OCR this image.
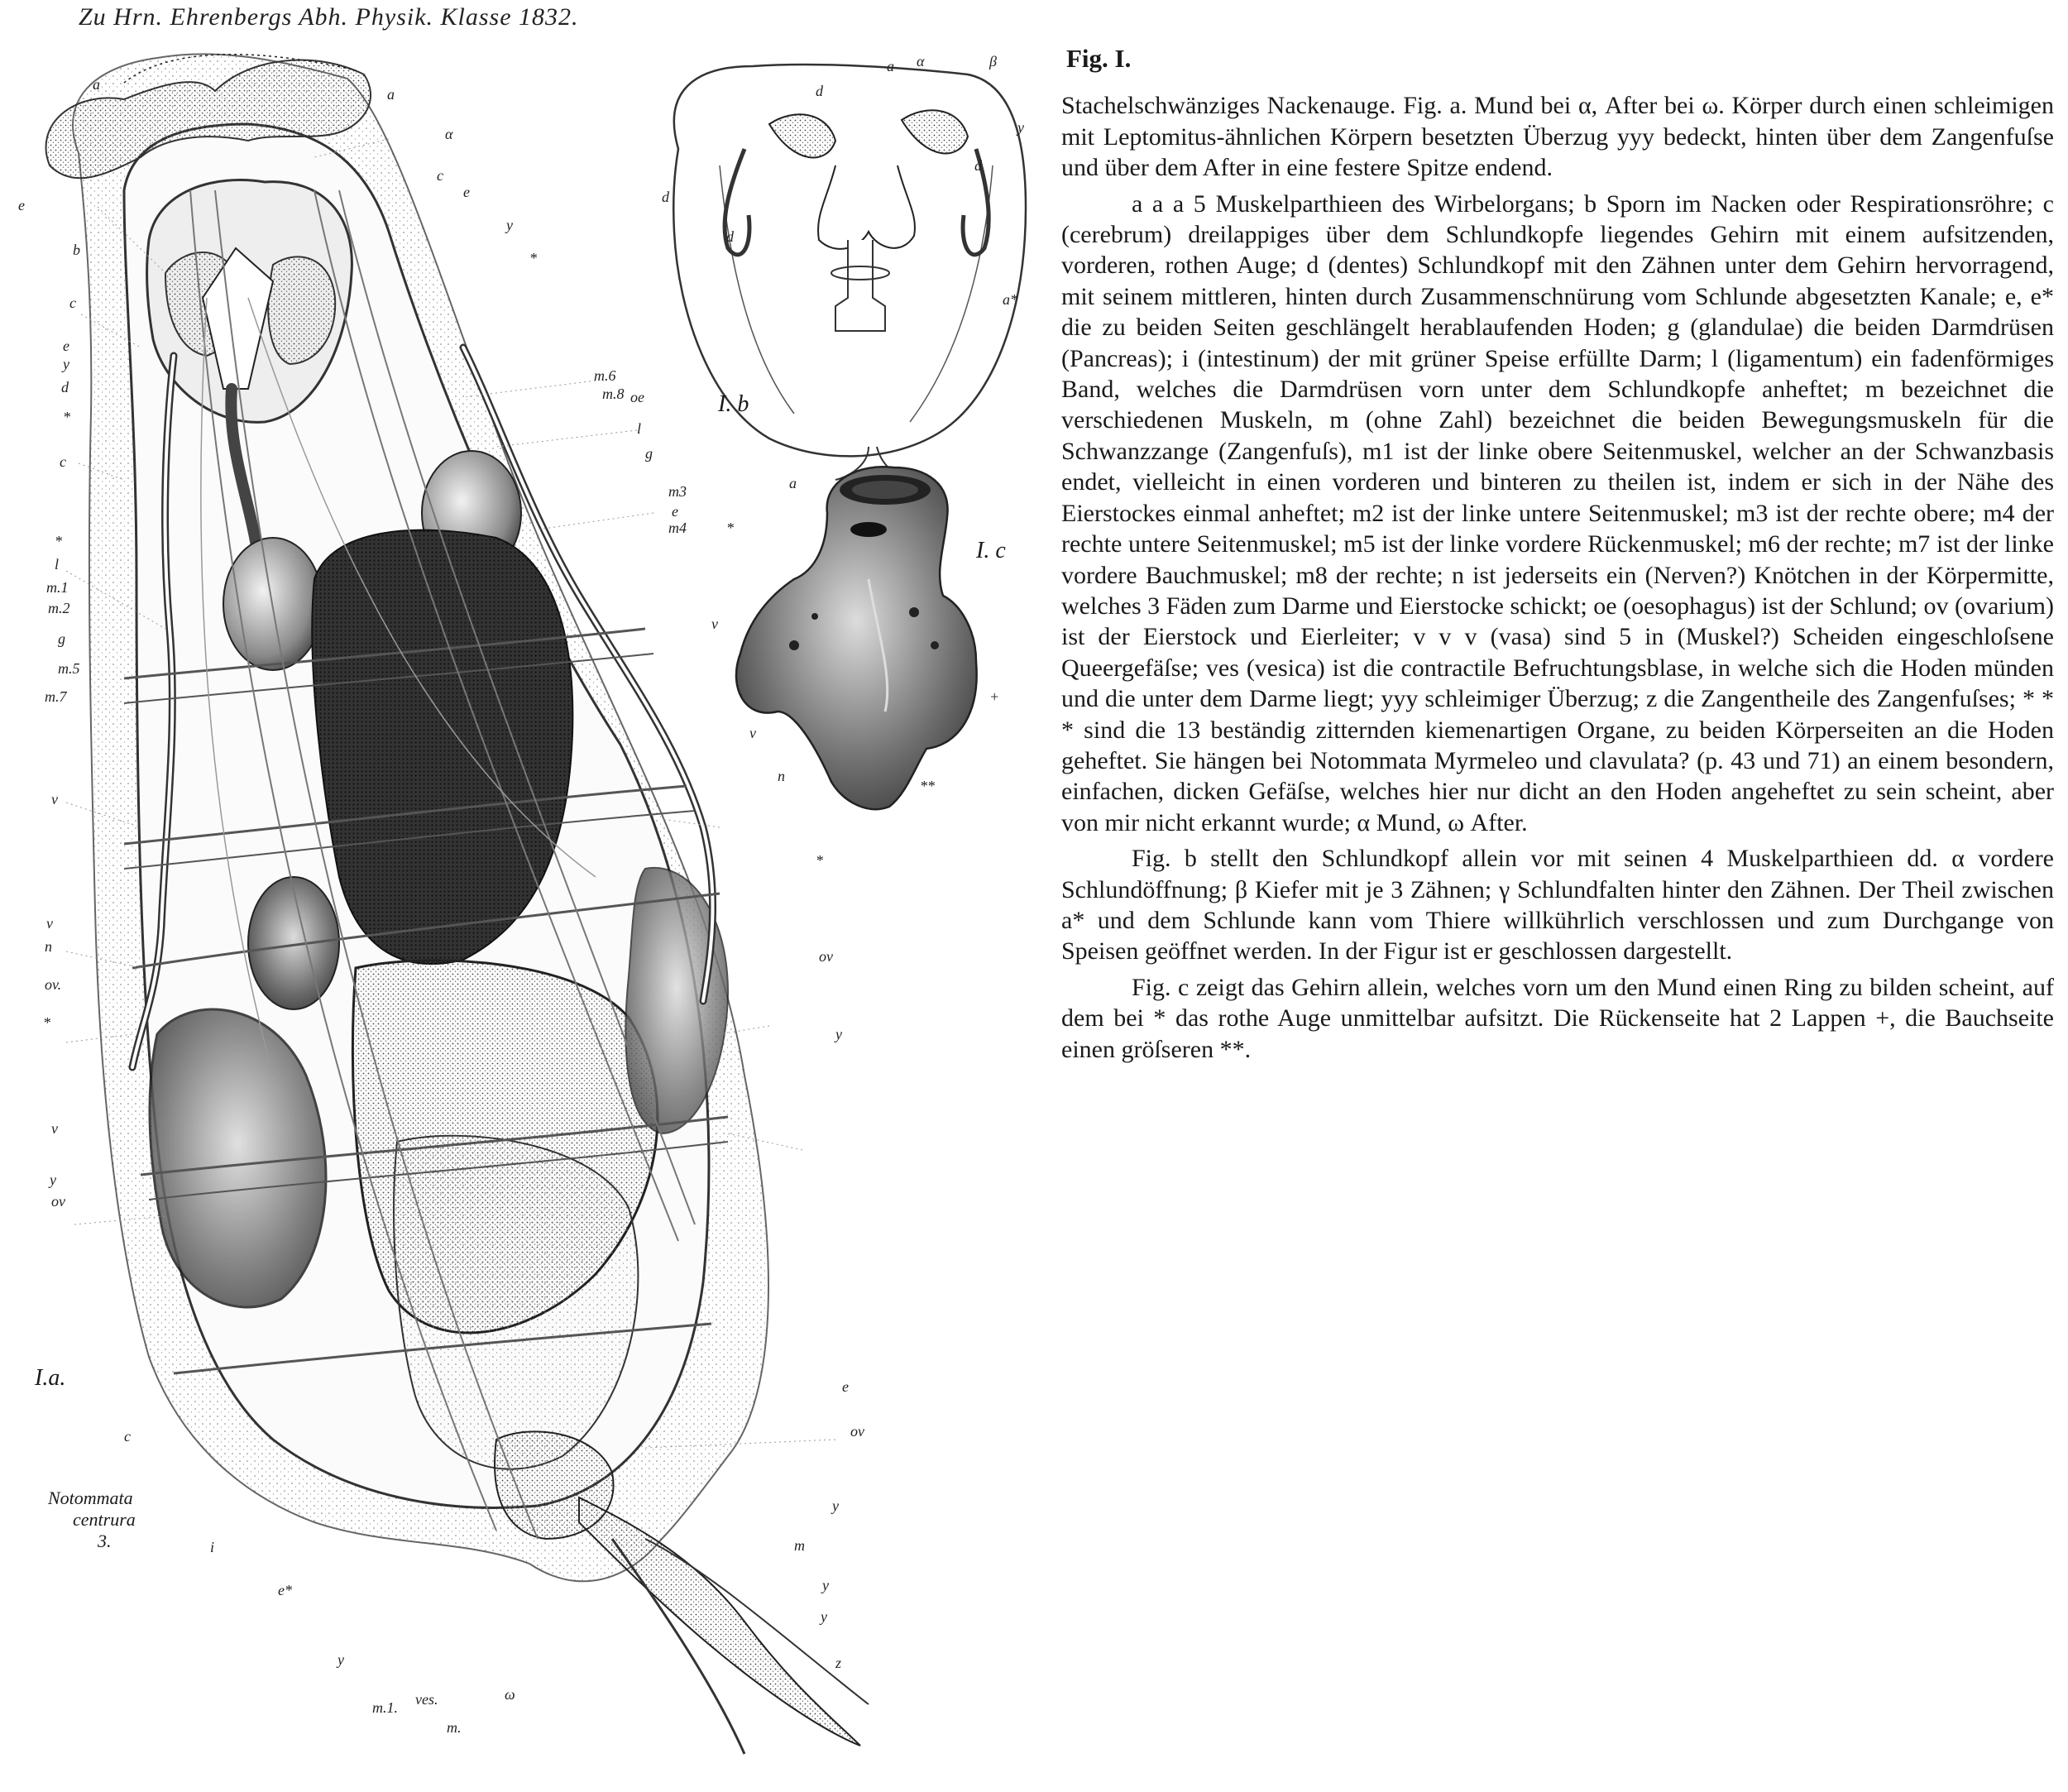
Zu Hrn. Ehrenbergs Abh. Physik. Klasse 1832.
I.a.
I. b
I. c
Notommata
centrura
3.
a
a
α
e
b
c
e
y
d
*
c
*
l
m.1
m.2
g
m.5
m.7
v
v
n
ov.
*
v
y
ov
c
c
e
y
*
m.6
m.8 oe
l
g
m3
e
m4
v
v
n
*
ov
y
e
ov
y
m
y
y
z
i
e*
y
m.1. ves.	ω
m.
a α	β
y
d
d
d
d
a*
a
*
+
**
Fig. I.

Stachelschwänziges Nackenauge. Fig. a. Mund bei α, After bei ω. Körper durch einen schleimigen mit Leptomitus-ähnlichen Körpern besetzten Überzug yyy bedeckt, hinten über dem Zangenfuſse und über dem After in eine festere Spitze endend.

a a a 5 Muskelparthieen des Wirbelorgans; b Sporn im Nacken oder Respirationsröhre; c (cerebrum) dreilappiges über dem Schlundkopfe liegendes Gehirn mit einem aufsitzenden, vorderen, rothen Auge; d (dentes) Schlundkopf mit den Zähnen unter dem Gehirn hervorragend, mit seinem mittleren, hinten durch Zusammenschnürung vom Schlunde abgesetzten Kanale; e, e* die zu beiden Seiten geschlängelt herablaufenden Hoden; g (glandulae) die beiden Darmdrüsen (Pancreas); i (intestinum) der mit grüner Speise erfüllte Darm; l (ligamentum) ein fadenförmiges Band, welches die Darmdrüsen vorn unter dem Schlundkopfe anheftet; m bezeichnet die verschiedenen Muskeln, m (ohne Zahl) bezeichnet die beiden Bewegungsmuskeln für die Schwanzzange (Zangenfuſs), m1 ist der linke obere Seitenmuskel, welcher an der Schwanzbasis endet, vielleicht in einen vorderen und binteren zu theilen ist, indem er sich in der Nähe des Eierstockes einmal anheftet; m2 ist der linke untere Seitenmuskel; m3 ist der rechte obere; m4 der rechte untere Seitenmuskel; m5 ist der linke vordere Rückenmuskel; m6 der rechte; m7 ist der linke vordere Bauchmuskel; m8 der rechte; n ist jederseits ein (Nerven?) Knötchen in der Körpermitte, welches 3 Fäden zum Darme und Eierstocke schickt; oe (oesophagus) ist der Schlund; ov (ovarium) ist der Eierstock und Eierleiter; v v v (vasa) sind 5 in (Muskel?) Scheiden eingeschloſsene Queergefäſse; ves (vesica) ist die contractile Befruchtungsblase, in welche sich die Hoden münden und die unter dem Darme liegt; yyy schleimiger Überzug; z die Zangentheile des Zangenfuſses; * * * sind die 13 beständig zitternden kiemenartigen Organe, zu beiden Körperseiten an die Hoden geheftet. Sie hängen bei Notommata Myrmeleo und clavulata? (p. 43 und 71) an einem besondern, einfachen, dicken Gefäſse, welches hier nur dicht an den Hoden angeheftet zu sein scheint, aber von mir nicht erkannt wurde; α Mund, ω After.

Fig. b stellt den Schlundkopf allein vor mit seinen 4 Muskelparthieen dd. α vordere Schlundöffnung; β Kiefer mit je 3 Zähnen; γ Schlundfalten hinter den Zähnen. Der Theil zwischen a* und dem Schlunde kann vom Thiere willkührlich verschlossen und zum Durchgange von Speisen geöffnet werden. In der Figur ist er geschlossen dargestellt.

Fig. c zeigt das Gehirn allein, welches vorn um den Mund einen Ring zu bilden scheint, auf dem bei * das rothe Auge unmittelbar aufsitzt. Die Rückenseite hat 2 Lappen +, die Bauchseite einen gröſseren **.
